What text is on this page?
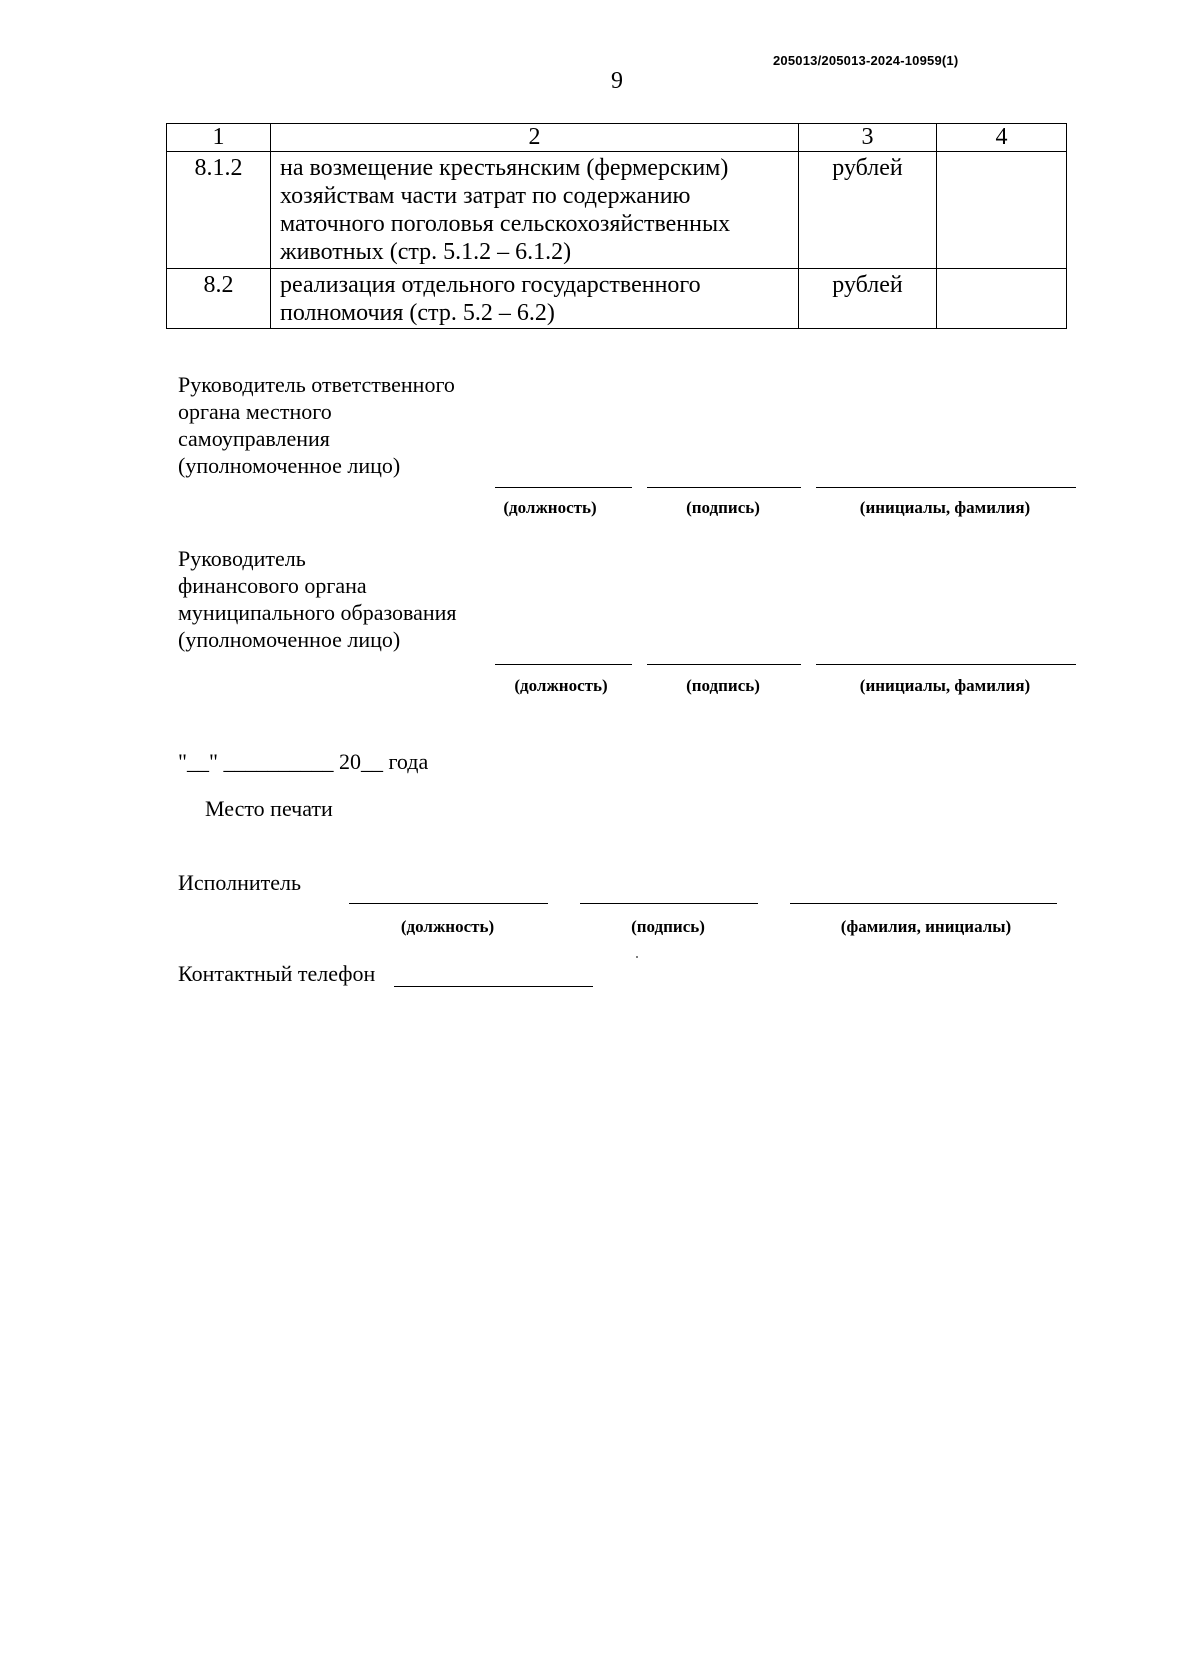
205013/205013-2024-10959(1)
9
1	2	3	4
8.1.2	на возмещение крестьянским (фермерским) хозяйствам части затрат по содержанию маточного поголовья сельскохозяйственных животных (стр. 5.1.2 – 6.1.2)	рублей	
8.2	реализация отдельного государственного полномочия (стр. 5.2 – 6.2)	рублей	
Руководитель ответственного
органа местного
самоуправления
(уполномоченное лицо)
(должность)	(подпись)	(инициалы, фамилия)
Руководитель
финансового органа
муниципального образования
(уполномоченное лицо)
(должность)	(подпись)	(инициалы, фамилия)
"__" __________ 20__ года
Место печати
Исполнитель
(должность)	(подпись)	(фамилия, инициалы)
Контактный телефон
